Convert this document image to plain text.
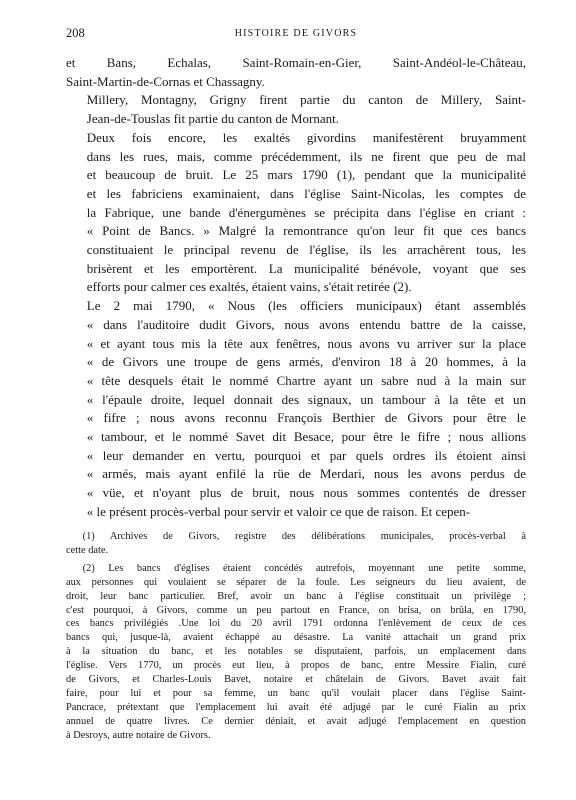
208	HISTOIRE DE GIVORS

et Bans, Echalas, Saint-Romain-en-Gier, Saint-Andéol-le-Château,
Saint-Martin-de-Cornas et Chassagny.

Millery, Montagny, Grigny firent partie du canton de Millery, Saint-
Jean-de-Touslas fit partie du canton de Mornant.

Deux fois encore, les exaltés givordins manifestèrent bruyamment
dans les rues, mais, comme précédemment, ils ne firent que peu de mal
et beaucoup de bruit. Le 25 mars 1790 (1), pendant que la municipalité
et les fabriciens examinaient, dans l'église Saint-Nicolas, les comptes de
la Fabrique, une bande d'énergumènes se précipita dans l'église en criant :
« Point de Bancs. » Malgré la remontrance qu'on leur fit que ces bancs
constituaient le principal revenu de l'église, ils les arrachèrent tous, les
brisèrent et les emportèrent. La municipalité bénévole, voyant que ses
efforts pour calmer ces exaltés, étaient vains, s'était retirée (2).

Le 2 mai 1790, « Nous (les officiers municipaux) étant assemblés
« dans l'auditoire dudit Givors, nous avons entendu battre de la caisse,
« et ayant tous mis la tête aux fenêtres, nous avons vu arriver sur la place
« de Givors une troupe de gens armés, d'environ 18 à 20 hommes, à la
« tête desquels était le nommé Chartre ayant un sabre nud à la main sur
« l'épaule droite, lequel donnait des signaux, un tambour à la tête et un
« fifre ; nous avons reconnu François Berthier de Givors pour être le
« tambour, et le nommé Savet dit Besace, pour être le fifre ; nous allions
« leur demander en vertu, pourquoi et par quels ordres ils étoient ainsi
« armés, mais ayant enfilé la rüe de Merdari, nous les avons perdus de
« vüe, et n'oyant plus de bruit, nous nous sommes contentés de dresser
« le présent procès-verbal pour servir et valoir ce que de raison. Et cepen-

(1) Archives de Givors, registre des délibérations municipales, procès-verbal à
cette date.
(2) Les bancs d'églises étaient concédés autrefois, moyennant une petite somme,
aux personnes qui voulaient se séparer de la foule. Les seigneurs du lieu avaient, de
droit, leur banc particulier. Bref, avoir un banc à l'église constituait un privilège ;
c'est pourquoi, à Givors, comme un peu partout en France, on brisa, on brûla, en 1790,
ces bancs privilégiés .Une loi du 20 avril 1791 ordonna l'enlèvement de ceux de ces
bancs qui, jusque-là, avaient échappé au désastre. La vanité attachait un grand prix
à la situation du banc, et les notables se disputaient, parfois, un emplacement dans
l'église. Vers 1770, un procès eut lieu, à propos de banc, entre Messire Fialin, curé
de Givors, et Charles-Louis Bavet, notaire et châtelain de Givors. Bavet avait fait
faire, pour lui et pour sa femme, un banc qu'il voulait placer dans l'église Saint-
Pancrace, prétextant que l'emplacement lui avait été adjugé par le curé Fialin au prix
annuel de quatre livres. Ce dernier déniait, et avait adjugé l'emplacement en question
à Desroys, autre notaire de Givors.
